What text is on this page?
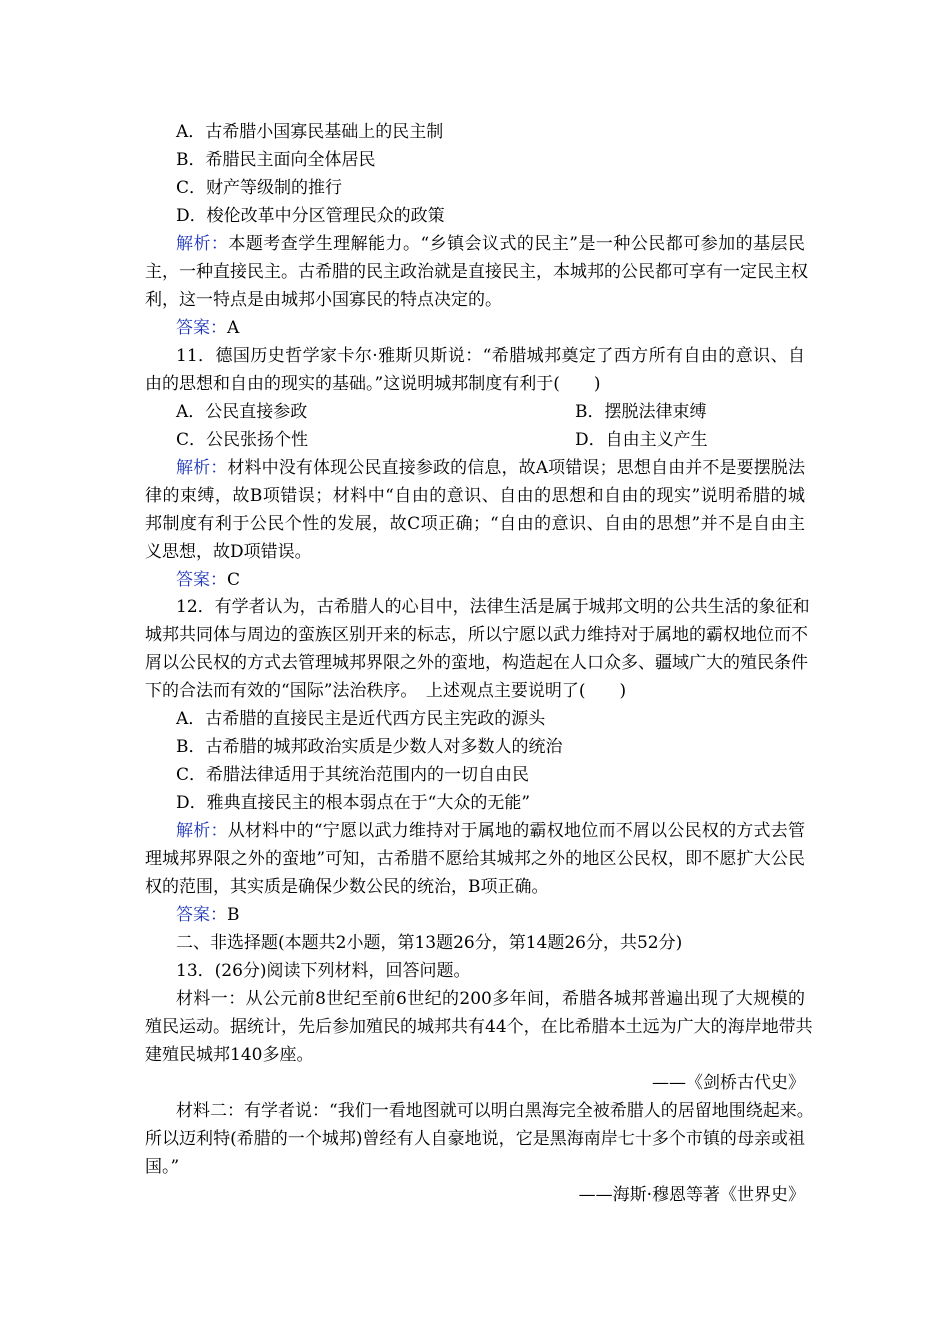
A．古希腊小国寡民基础上的民主制
B．希腊民主面向全体居民
C．财产等级制的推行
D．梭伦改革中分区管理民众的政策
解析：本题考查学生理解能力。“乡镇会议式的民主”是一种公民都可参加的基层民
主，一种直接民主。古希腊的民主政治就是直接民主，本城邦的公民都可享有一定民主权
利，这一特点是由城邦小国寡民的特点决定的。
答案：A
11．德国历史哲学家卡尔·雅斯贝斯说：“希腊城邦奠定了西方所有自由的意识、自
由的思想和自由的现实的基础。”这说明城邦制度有利于(　　)
A．公民直接参政	B．摆脱法律束缚
C．公民张扬个性	D．自由主义产生
解析：材料中没有体现公民直接参政的信息，故A项错误；思想自由并不是要摆脱法
律的束缚，故B项错误；材料中“自由的意识、自由的思想和自由的现实”说明希腊的城
邦制度有利于公民个性的发展，故C项正确；“自由的意识、自由的思想”并不是自由主
义思想，故D项错误。
答案：C
12．有学者认为，古希腊人的心目中，法律生活是属于城邦文明的公共生活的象征和
城邦共同体与周边的蛮族区别开来的标志，所以宁愿以武力维持对于属地的霸权地位而不
屑以公民权的方式去管理城邦界限之外的蛮地，构造起在人口众多、疆域广大的殖民条件
下的合法而有效的“国际”法治秩序。　上述观点主要说明了(　　)
A．古希腊的直接民主是近代西方民主宪政的源头
B．古希腊的城邦政治实质是少数人对多数人的统治
C．希腊法律适用于其统治范围内的一切自由民
D．雅典直接民主的根本弱点在于“大众的无能”
解析：从材料中的“宁愿以武力维持对于属地的霸权地位而不屑以公民权的方式去管
理城邦界限之外的蛮地”可知，古希腊不愿给其城邦之外的地区公民权，即不愿扩大公民
权的范围，其实质是确保少数公民的统治，B项正确。
答案：B
二、非选择题(本题共2小题，第13题26分，第14题26分，共52分)
13．(26分)阅读下列材料，回答问题。
材料一：从公元前8世纪至前6世纪的200多年间，希腊各城邦普遍出现了大规模的
殖民运动。据统计，先后参加殖民的城邦共有44个，在比希腊本土远为广大的海岸地带共
建殖民城邦140多座。
——《剑桥古代史》
材料二：有学者说：“我们一看地图就可以明白黑海完全被希腊人的居留地围绕起来。
所以迈利特(希腊的一个城邦)曾经有人自豪地说，它是黑海南岸七十多个市镇的母亲或祖
国。”
——海斯·穆恩等著《世界史》
